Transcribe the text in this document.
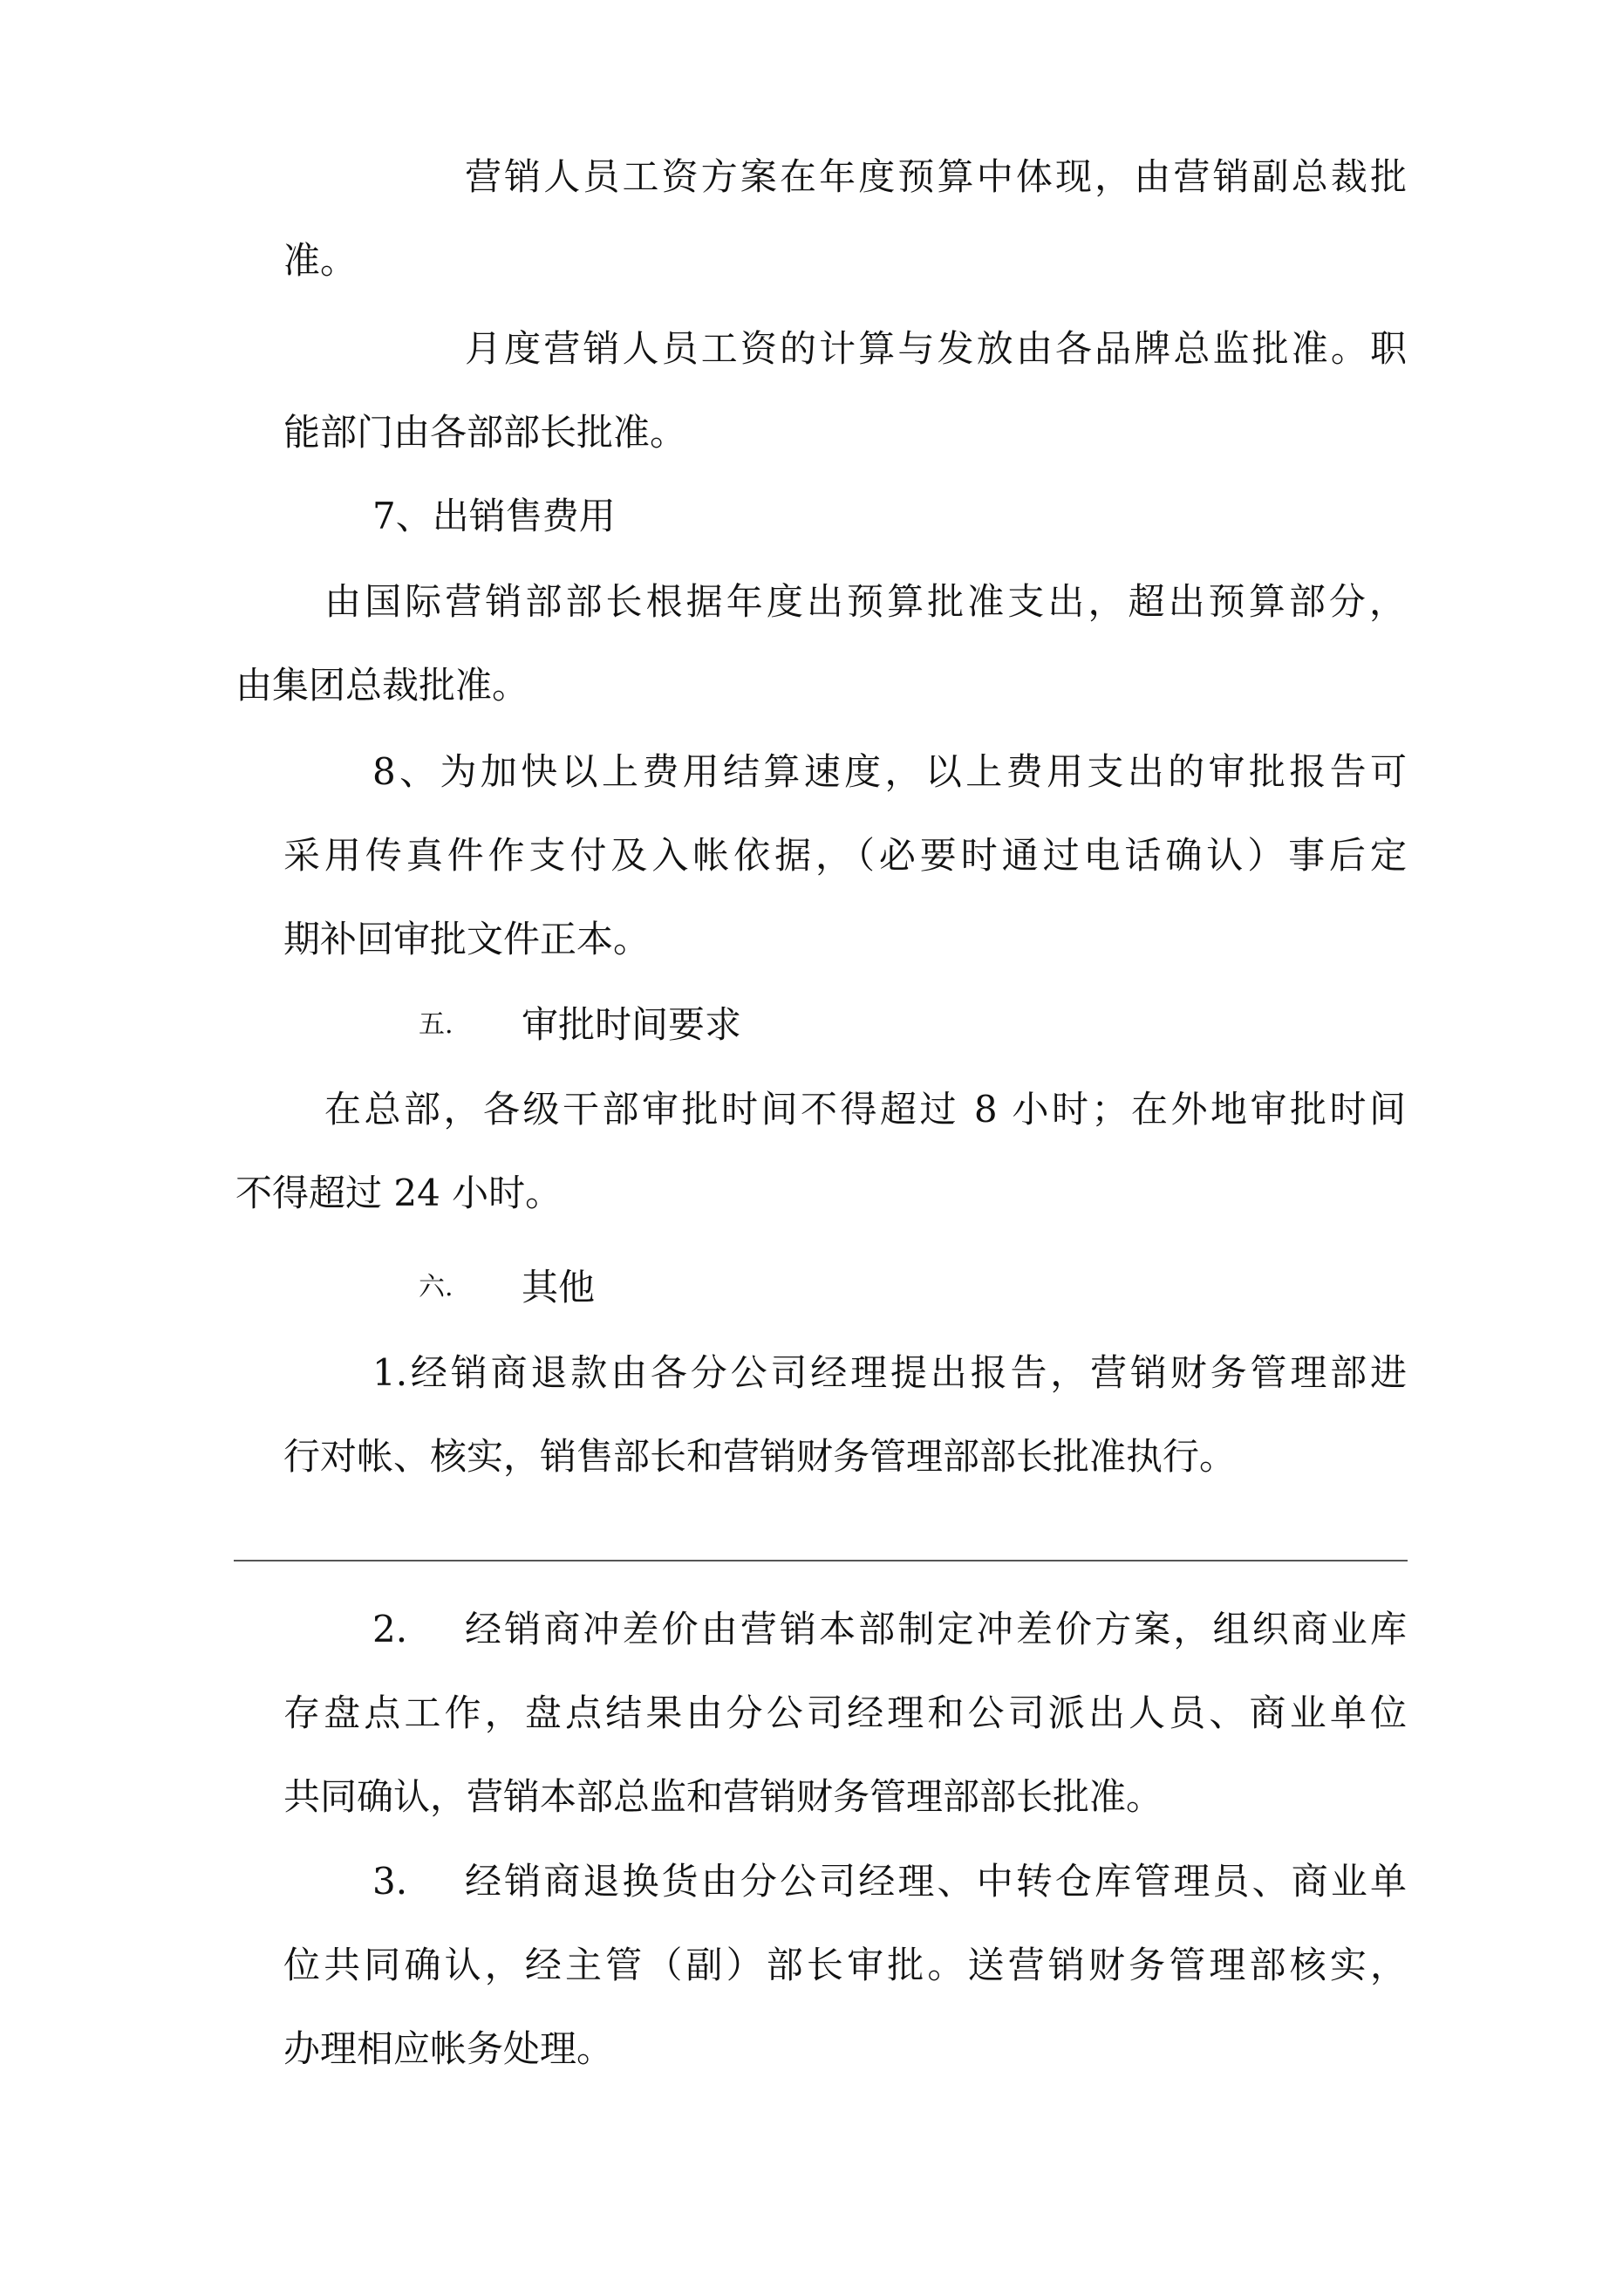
营销人员工资方案在年度预算中体现，由营销副总裁批

准。

月度营销人员工资的计算与发放由各品牌总监批准。职

能部门由各部部长批准。

7、出销售费用

由国际营销部部长根据年度出预算批准支出，超出预算部分，

由集团总裁批准。

8、为加快以上费用结算速度，以上费用支出的审批报告可

采用传真件作支付及入帐依据，（必要时通过电话确认）事后定

期补回审批文件正本。

五. 审批时间要求

在总部，各级干部审批时间不得超过 8 小时；在外地审批时间

不得超过 24 小时。

六. 其他

1.经销商退款由各分公司经理提出报告，营销财务管理部进

行对帐、核实，销售部长和营销财务管理部部长批准执行。

2. 经销商冲差价由营销本部制定冲差价方案，组织商业库

存盘点工作，盘点结果由分公司经理和公司派出人员、商业单位

共同确认，营销本部总监和营销财务管理部部长批准。

3. 经销商退换货由分公司经理、中转仓库管理员、商业单

位共同确认，经主管（副）部长审批。送营销财务管理部核实，

办理相应帐务处理。
